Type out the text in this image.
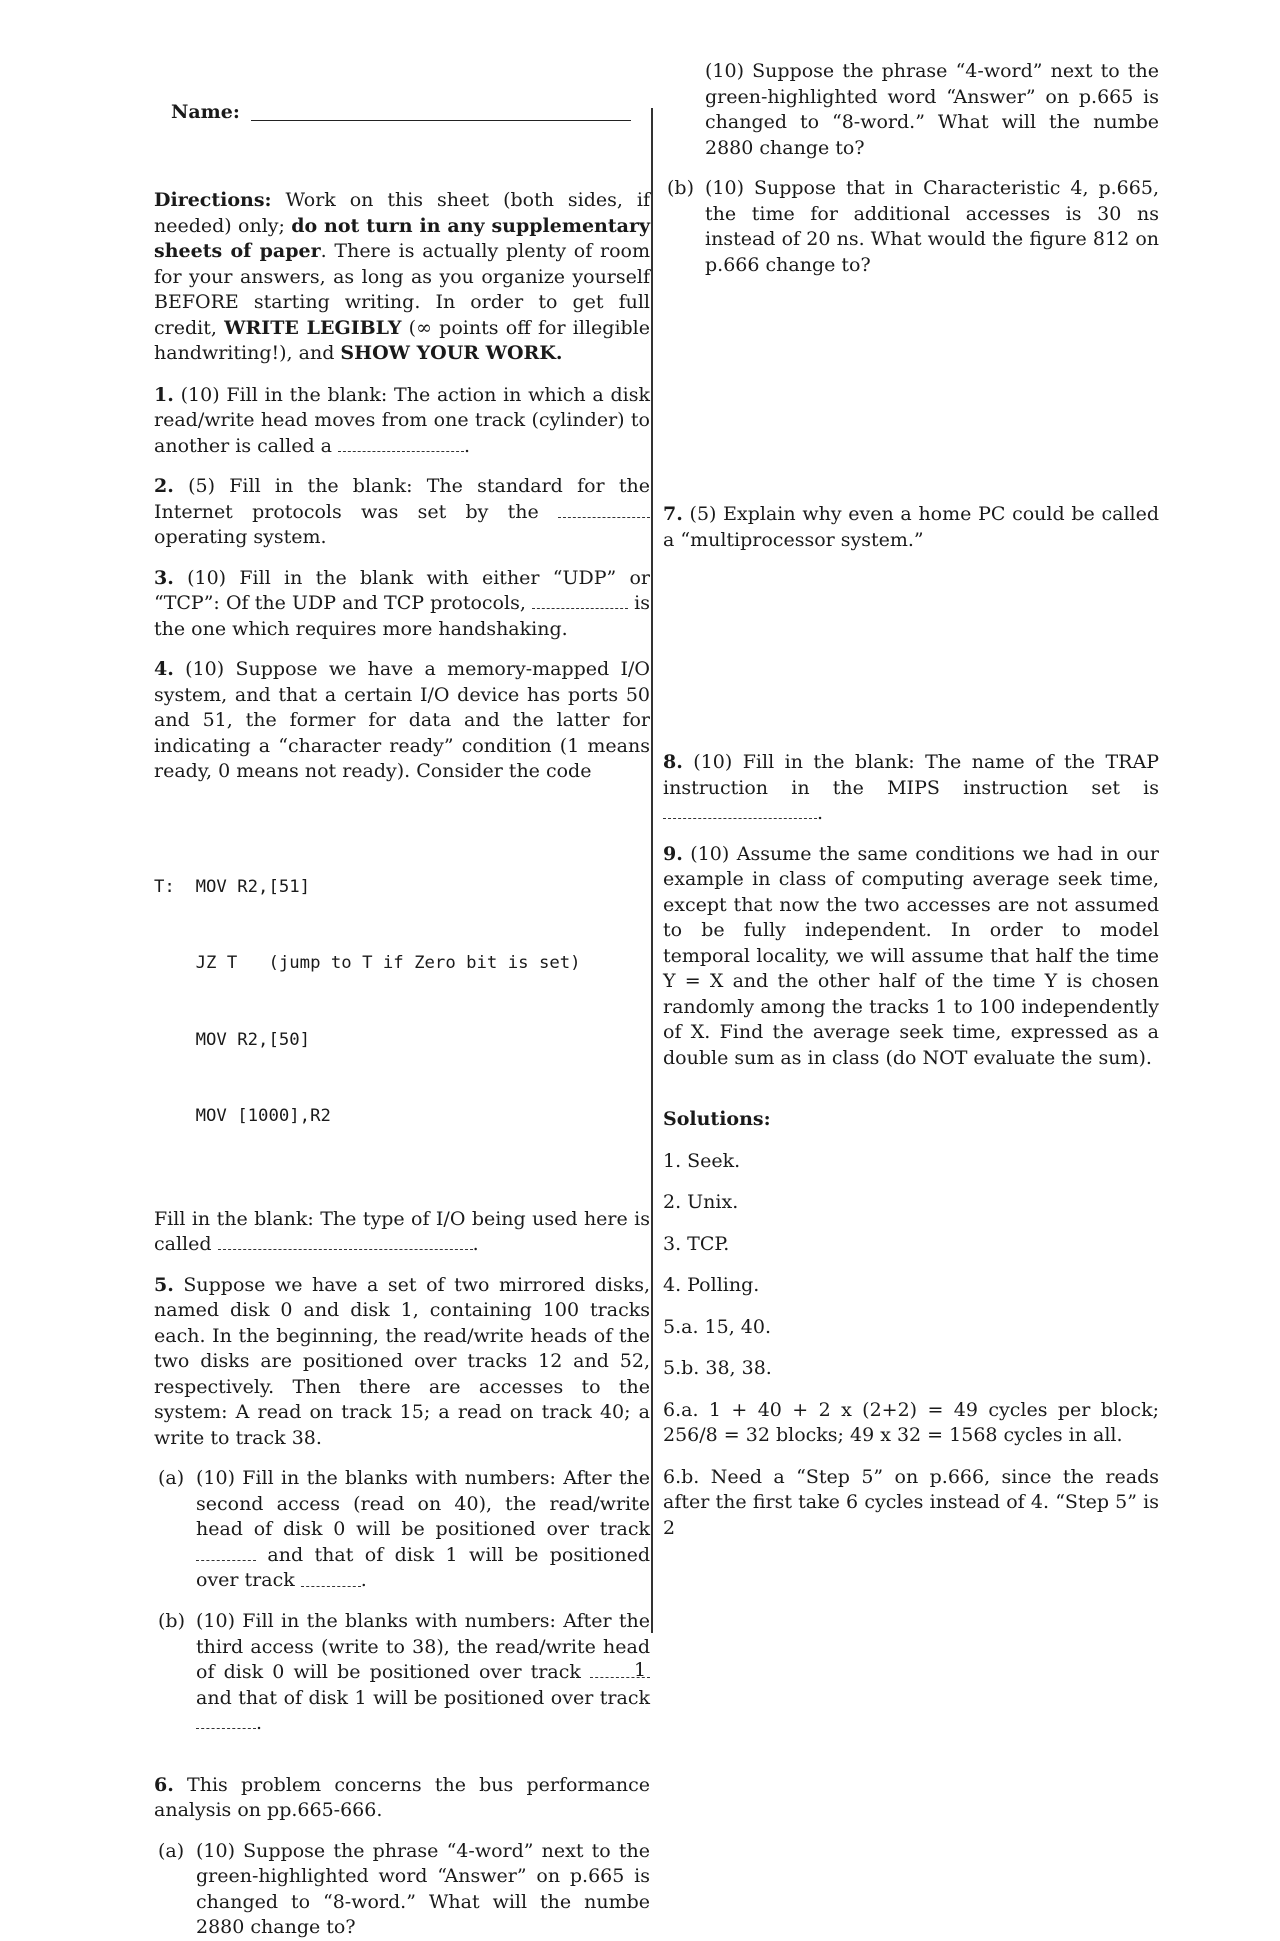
Name:

Directions: Work on this sheet (both sides, if needed) only; do not turn in any supplementary sheets of paper. There is actually plenty of room for your answers, as long as you organize yourself BEFORE starting writing. In order to get full credit, WRITE LEGIBLY (∞ points off for illegible handwriting!), and SHOW YOUR WORK.

1. (10) Fill in the blank: The action in which a disk read/write head moves from one track (cylinder) to another is called a	.

2. (5) Fill in the blank: The standard for the Internet protocols was set by the  operating system.

3. (10) Fill in the blank with either “UDP” or “TCP”: Of the UDP and TCP protocols,	is the one which requires more handshaking.

4. (10) Suppose we have a memory-mapped I/O system, and that a certain I/O device has ports 50 and 51, the former for data and the latter for indicating a “character ready” condition (1 means ready, 0 means not ready). Consider the code

T:  MOV R2,[51]

JZ T   (jump to T if Zero bit is set)

MOV R2,[50]

MOV [1000],R2

Fill in the blank: The type of I/O being used here is called	.

5. Suppose we have a set of two mirrored disks, named disk 0 and disk 1, containing 100 tracks each. In the beginning, the read/write heads of the two disks are positioned over tracks 12 and 52, respectively. Then there are accesses to the system: A read on track 15; a read on track 40; a write to track 38.

(a) (10) Fill in the blanks with numbers: After the second access (read on 40), the read/write head of disk 0 will be positioned over track  and that of disk 1 will be positioned over track	.

(b) (10) Fill in the blanks with numbers: After the third access (write to 38), the read/write head of disk 0 will be positioned over track  and that of disk 1 will be positioned over track .

6. This problem concerns the bus performance analysis on pp.665-666.

(a) (10) Suppose the phrase “4-word” next to the green-highlighted word “Answer” on p.665 is changed to “8-word.” What will the numbe 2880 change to?

(10) Suppose the phrase “4-word” next to the green-highlighted word “Answer” on p.665 is changed to “8-word.” What will the numbe 2880 change to?

(b) (10) Suppose that in Characteristic 4, p.665, the time for additional accesses is 30 ns instead of 20 ns. What would the figure 812 on p.666 change to?

7. (5) Explain why even a home PC could be called a “multiprocessor system.”

8. (10) Fill in the blank: The name of the TRAP instruction in the MIPS instruction set is .

9. (10) Assume the same conditions we had in our example in class of computing average seek time, except that now the two accesses are not assumed to be fully independent. In order to model temporal locality, we will assume that half the time Y = X and the other half of the time Y is chosen randomly among the tracks 1 to 100 independently of X. Find the average seek time, expressed as a double sum as in class (do NOT evaluate the sum).

Solutions:

1. Seek.

2. Unix.

3. TCP.

4. Polling.

5.a. 15, 40.

5.b. 38, 38.

6.a. 1 + 40 + 2 x (2+2) = 49 cycles per block; 256/8 = 32 blocks; 49 x 32 = 1568 cycles in all.

6.b. Need a “Step 5” on p.666, since the reads after the first take 6 cycles instead of 4. “Step 5” is 2

1
